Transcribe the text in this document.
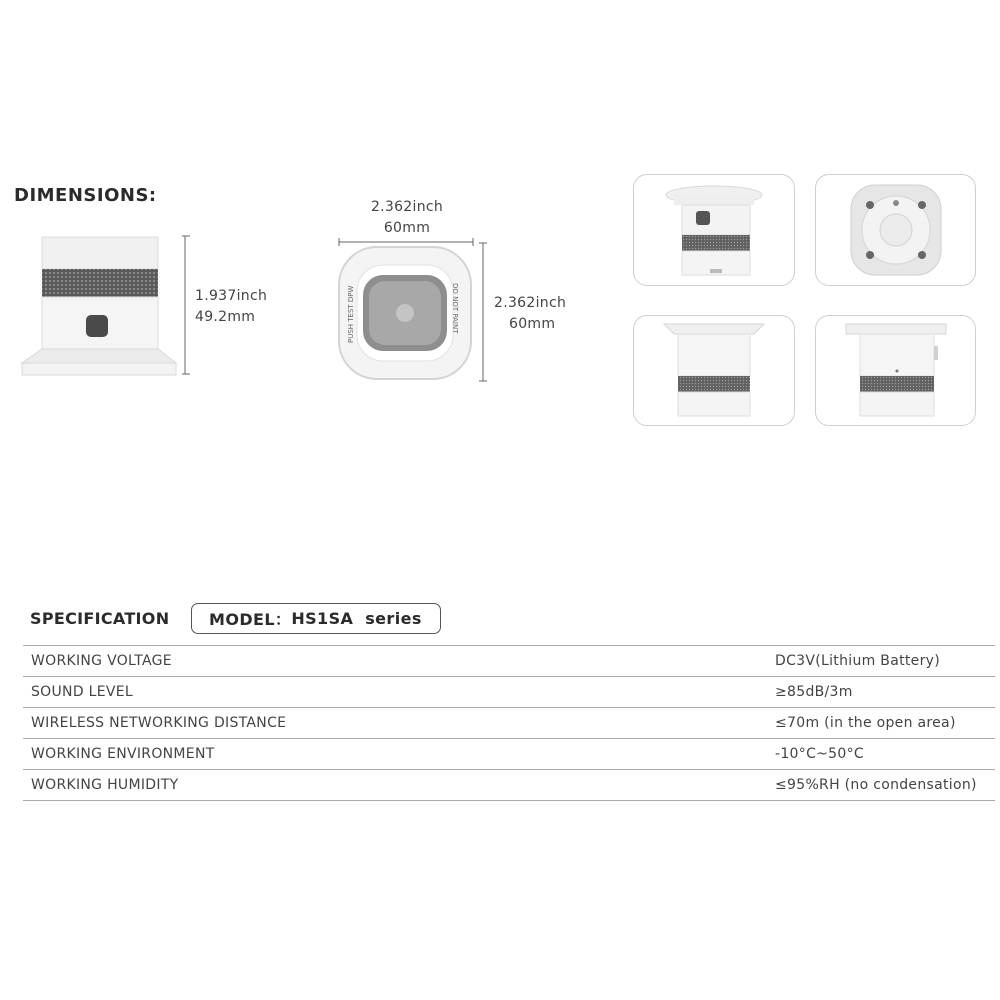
DIMENSIONS:
1.937inch
49.2mm
2.362inch
60mm
DO NOT PAINT
PUSH TEST DPW	2.362inch
60mm
SPECIFICATION MODEL： HS1SA  series
WORKING VOLTAGE	DC3V(Lithium Battery)
SOUND LEVEL	≥85dB/3m
WIRELESS NETWORKING DISTANCE	≤70m (in the open area)
WORKING ENVIRONMENT	-10°C~50°C
WORKING HUMIDITY	≤95%RH (no condensation)
